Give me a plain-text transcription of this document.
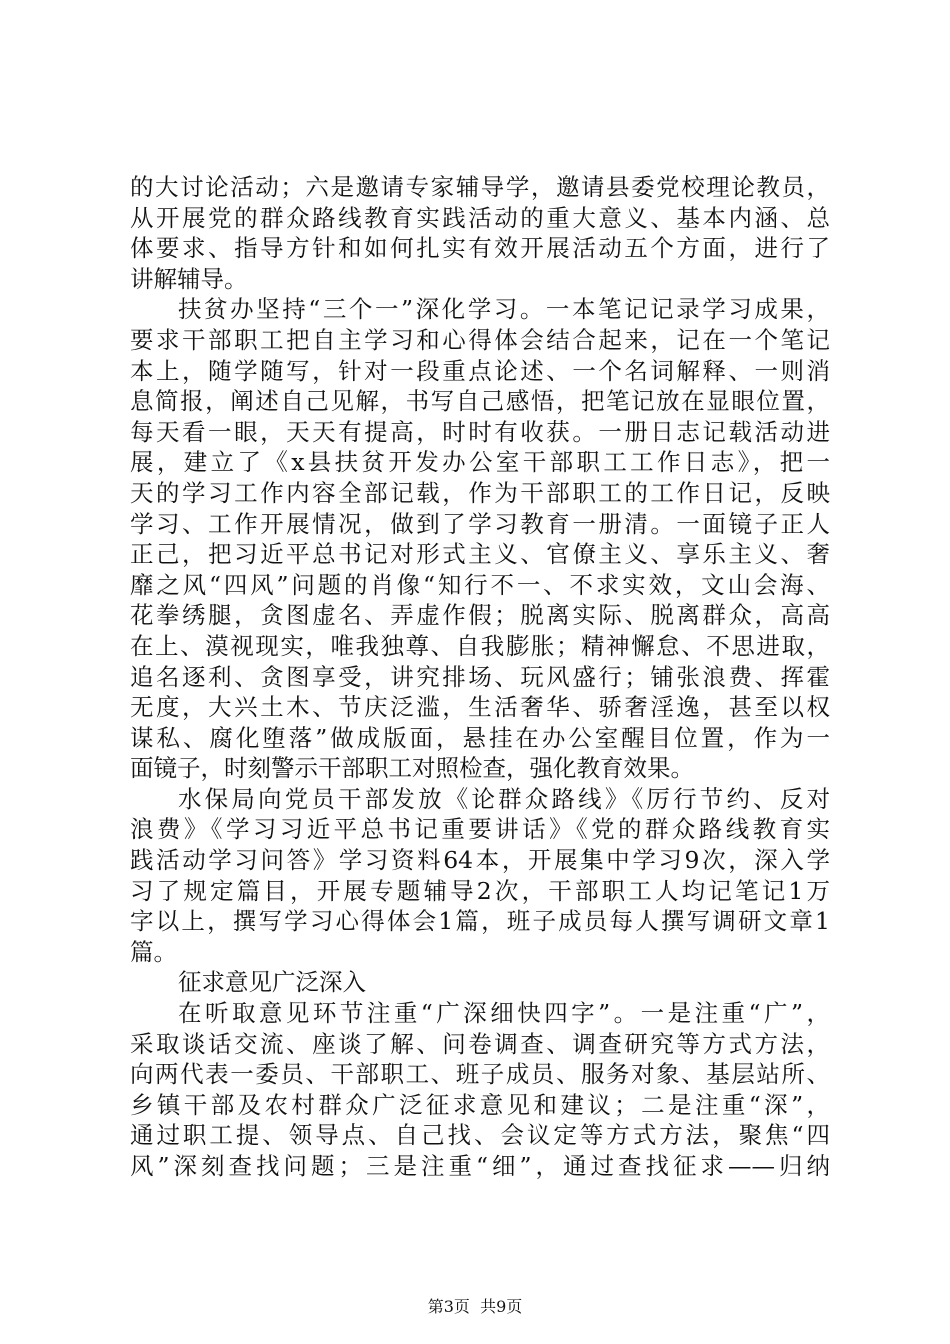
的大讨论活动；六是邀请专家辅导学，邀请县委党校理论教员，
从开展党的群众路线教育实践活动的重大意义、基本内涵、总
体要求、指导方针和如何扎实有效开展活动五个方面，进行了
讲解辅导。
扶贫办坚持“三个一”深化学习。一本笔记记录学习成果，
要求干部职工把自主学习和心得体会结合起来，记在一个笔记
本上，随学随写，针对一段重点论述、一个名词解释、一则消
息简报，阐述自己见解，书写自己感悟，把笔记放在显眼位置，
每天看一眼，天天有提高，时时有收获。一册日志记载活动进
展，建立了《x县扶贫开发办公室干部职工工作日志》，把一
天的学习工作内容全部记载，作为干部职工的工作日记，反映
学习、工作开展情况，做到了学习教育一册清。一面镜子正人
正己，把习近平总书记对形式主义、官僚主义、享乐主义、奢
靡之风“四风”问题的肖像“知行不一、不求实效，文山会海、
花拳绣腿，贪图虚名、弄虚作假；脱离实际、脱离群众，高高
在上、漠视现实，唯我独尊、自我膨胀；精神懈怠、不思进取，
追名逐利、贪图享受，讲究排场、玩风盛行；铺张浪费、挥霍
无度，大兴土木、节庆泛滥，生活奢华、骄奢淫逸，甚至以权
谋私、腐化堕落”做成版面，悬挂在办公室醒目位置，作为一
面镜子，时刻警示干部职工对照检查，强化教育效果。
水保局向党员干部发放《论群众路线》《厉行节约、反对
浪费》《学习习近平总书记重要讲话》《党的群众路线教育实
践活动学习问答》学习资料64本，开展集中学习9次，深入学
习了规定篇目，开展专题辅导2次，干部职工人均记笔记1万
字以上，撰写学习心得体会1篇，班子成员每人撰写调研文章1
篇。
征求意见广泛深入
在听取意见环节注重“广深细快四字”。一是注重“广”，
采取谈话交流、座谈了解、问卷调查、调查研究等方式方法，
向两代表一委员、干部职工、班子成员、服务对象、基层站所、
乡镇干部及农村群众广泛征求意见和建议；二是注重“深”，
通过职工提、领导点、自己找、会议定等方式方法，聚焦“四
风”深刻查找问题；三是注重“细”，通过查找征求——归纳
第3页  共9页
